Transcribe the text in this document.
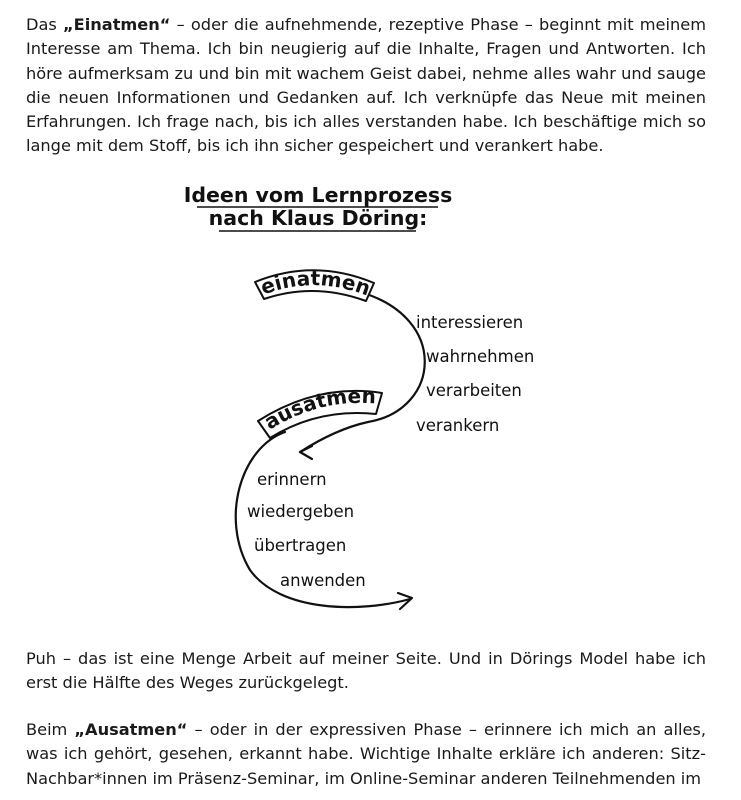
Das „Einatmen“ – oder die aufnehmende, rezeptive Phase – beginnt mit meinem Interesse am Thema. Ich bin neugierig auf die Inhalte, Fragen und Antworten. Ich höre aufmerksam zu und bin mit wachem Geist dabei, nehme alles wahr und sauge die neuen Informationen und Gedanken auf. Ich verknüpfe das Neue mit meinen Erfahrungen. Ich frage nach, bis ich alles verstanden habe. Ich beschäftige mich so lange mit dem Stoff, bis ich ihn sicher gespeichert und verankert habe.

Ideen vom Lernprozess
nach Klaus Döring:
einatmen
ausatmen
interessieren
wahrnehmen
verarbeiten
verankern
erinnern
wiedergeben
übertragen
anwenden

Puh – das ist eine Menge Arbeit auf meiner Seite. Und in Dörings Model habe ich erst die Hälfte des Weges zurückgelegt.

Beim „Ausatmen“ – oder in der expressiven Phase – erinnere ich mich an alles, was ich gehört, gesehen, erkannt habe. Wichtige Inhalte erkläre ich anderen: Sitz-Nachbar*innen im Präsenz-Seminar, im Online-Seminar anderen Teilnehmenden im
